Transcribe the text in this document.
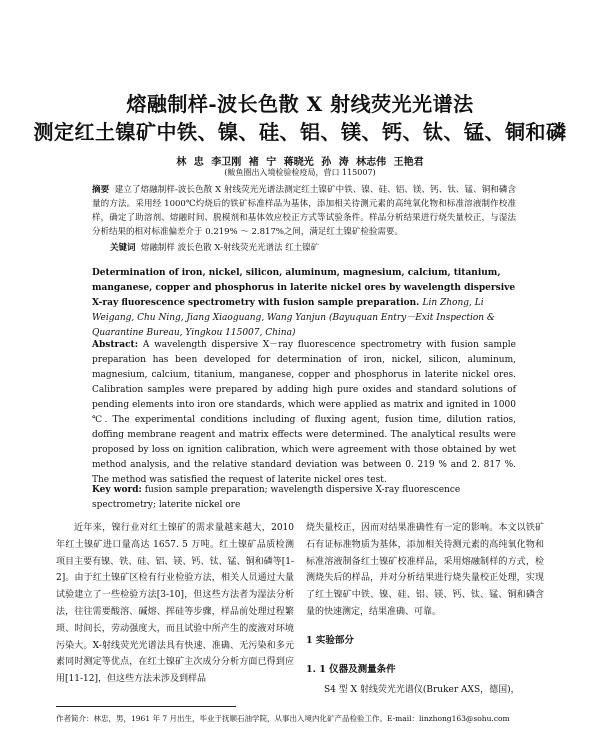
熔融制样-波长色散 X 射线荧光光谱法
测定红土镍矿中铁、镍、硅、铝、镁、钙、钛、锰、铜和磷
林 忠 李卫刚 褚 宁 蒋晓光 孙 涛 林志伟 王艳君
(鲅鱼圈出入境检验检疫局，营口 115007)
摘要 建立了熔融制样-波长色散 X 射线荧光光谱法测定红土镍矿中铁、镍、硅、铝、镁、钙、钛、锰、铜和磷含量的方法。采用经 1000℃灼烧后的铁矿标准样品为基体，添加相关待测元素的高纯氧化物和标准溶液制作校准样，确定了助溶剂、熔融时间、脱模剂和基体效应校正方式等试验条件。样品分析结果进行烧失量校正，与湿法分析结果的相对标准偏差介于 0.219% ～ 2.817%之间，满足红土镍矿检验需要。
关键词 熔融制样 波长色散 X-射线荧光光谱法 红土镍矿
Determination of iron, nickel, silicon, aluminum, magnesium, calcium, titanium, manganese, copper and phosphorus in laterite nickel ores by wavelength dispersive X-ray fluorescence spectrometry with fusion sample preparation. Lin Zhong, Li Weigang, Chu Ning, Jiang Xiaoguang, Wang Yanjun (Bayuquan Entry－Exit Inspection & Quarantine Bureau, Yingkou 115007, China)
Abstract: A wavelength dispersive X－ray fluorescence spectrometry with fusion sample preparation has been developed for determination of iron, nickel, silicon, aluminum, magnesium, calcium, titanium, manganese, copper and phosphorus in laterite nickel ores. Calibration samples were prepared by adding high pure oxides and standard solutions of pending elements into iron ore standards, which were applied as matrix and ignited in 1000 ℃. The experimental conditions including of fluxing agent, fusion time, dilution ratios, doffing membrane reagent and matrix effects were determined. The analytical results were proposed by loss on ignition calibration, which were agreement with those obtained by wet method analysis, and the relative standard deviation was between 0. 219 % and 2. 817 %. The method was satisfied the request of laterite nickel ores test.
Key word: fusion sample preparation; wavelength dispersive X-ray fluorescence spectrometry; laterite nickel ore
近年来，镍行业对红土镍矿的需求量越来越大，2010 年红土镍矿进口量高达 1657. 5 万吨。红土镍矿品质检测项目主要有镍、铁、硅、铝、镁、钙、钛、锰、铜和磷等[1-2]。由于红土镍矿区检有行业检验方法，相关人员通过大量试验建立了一些检验方法[3-10]，但这些方法者为湿法分析法，往往需要酸溶、碱熔、挥硅等步骤，样品前处理过程繁琐、时间长，劳动强度大，而且试验中所产生的废液对环境污染大。X-射线荧光光谱法具有快速、准确、无污染和多元素同时测定等优点，在红土镍矿主次成分分析方面已得到应用[11-12]，但这些方法未涉及到样品
烧失量校正，因而对结果准确性有一定的影响。本文以铁矿石有证标准物质为基体，添加相关待测元素的高纯氧化物和标准溶液制备红土镍矿校准样品，采用熔融制样的方式，检测烧失后的样品，并对分析结果进行烧失量校正处理，实现了红土镍矿中铁、镍、硅、铝、镁、钙、钛、锰、铜和磷含量的快速测定，结果准确、可靠。
1 实验部分
1. 1 仪器及测量条件
S4 型 X 射线荧光光谱仪(Bruker AXS，德国)，
作者简介：林忠，男，1961 年 7 月出生，毕业于抚顺石油学院，从事出入境内化矿产品检验工作。E-mail：linzhong163@sohu.com
